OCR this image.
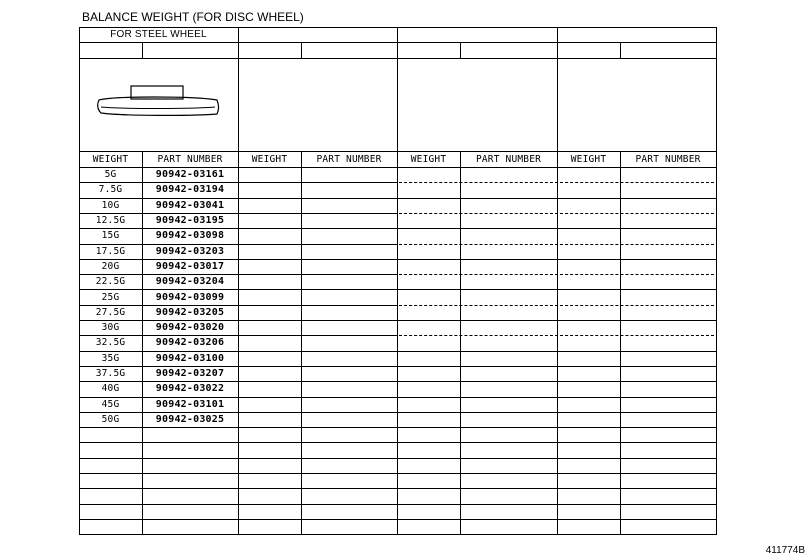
BALANCE WEIGHT (FOR DISC WHEEL)
FOR STEEL WHEEL
WEIGHT	PART NUMBER	WEIGHT	PART NUMBER	WEIGHT	PART NUMBER	WEIGHT	PART NUMBER
5G	90942-03161
7.5G	90942-03194
10G	90942-03041
12.5G	90942-03195
15G	90942-03098
17.5G	90942-03203
20G	90942-03017
22.5G	90942-03204
25G	90942-03099
27.5G	90942-03205
30G	90942-03020
32.5G	90942-03206
35G	90942-03100
37.5G	90942-03207
40G	90942-03022
45G	90942-03101
50G	90942-03025
411774B
